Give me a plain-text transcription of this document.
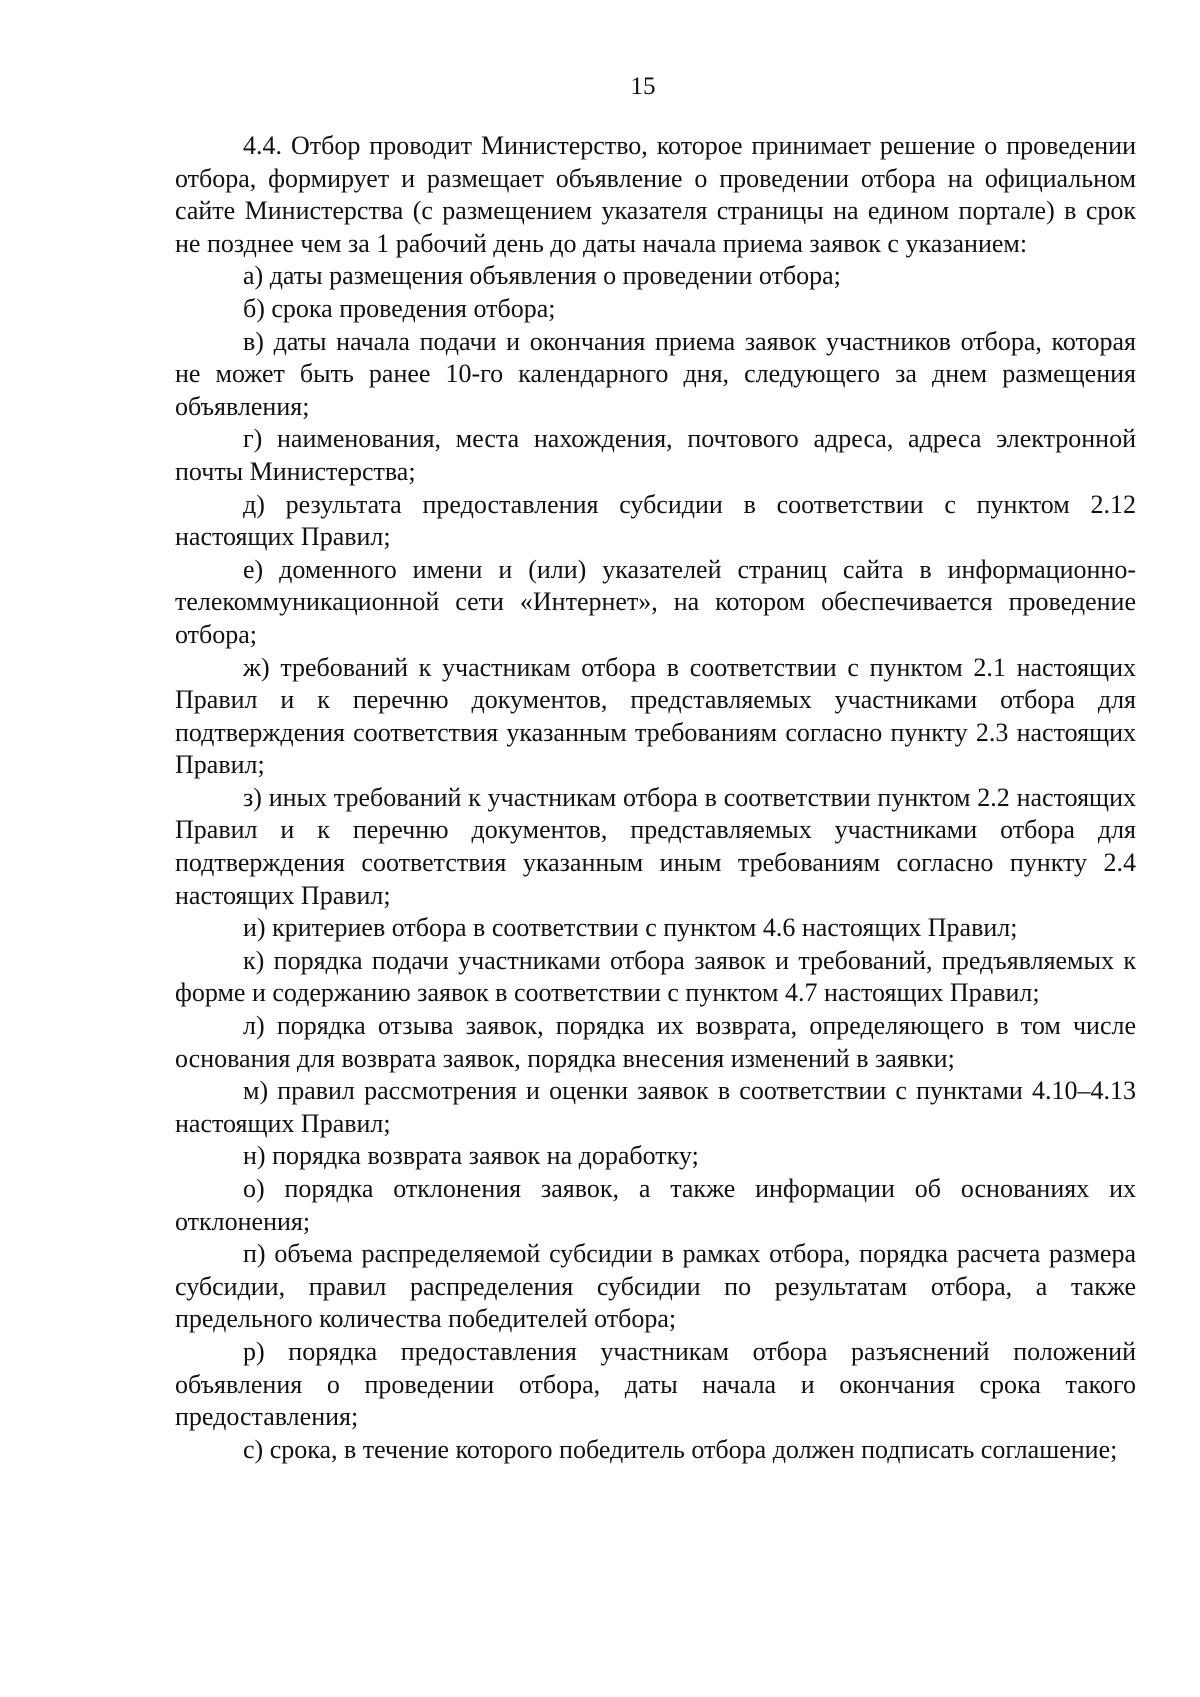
15

4.4. Отбор проводит Министерство, которое принимает решение о проведении отбора, формирует и размещает объявление о проведении отбора на официальном сайте Министерства (с размещением указателя страницы на едином портале) в срок не позднее чем за 1 рабочий день до даты начала приема заявок с указанием:

а) даты размещения объявления о проведении отбора;

б) срока проведения отбора;

в) даты начала подачи и окончания приема заявок участников отбора, которая не может быть ранее 10-го календарного дня, следующего за днем размещения объявления;

г) наименования, места нахождения, почтового адреса, адреса электронной почты Министерства;

д) результата предоставления субсидии в соответствии с пунктом 2.12 настоящих Правил;

е) доменного имени и (или) указателей страниц сайта в информационно-телекоммуникационной сети «Интернет», на котором обеспечивается проведение отбора;

ж) требований к участникам отбора в соответствии с пунктом 2.1 настоящих Правил и к перечню документов, представляемых участниками отбора для подтверждения соответствия указанным требованиям согласно пункту 2.3 настоящих Правил;

з) иных требований к участникам отбора в соответствии пунктом 2.2 настоящих Правил и к перечню документов, представляемых участниками отбора для подтверждения соответствия указанным иным требованиям согласно пункту 2.4 настоящих Правил;

и) критериев отбора в соответствии с пунктом 4.6 настоящих Правил;

к) порядка подачи участниками отбора заявок и требований, предъявляемых к форме и содержанию заявок в соответствии с пунктом 4.7 настоящих Правил;

л) порядка отзыва заявок, порядка их возврата, определяющего в том числе основания для возврата заявок, порядка внесения изменений в заявки;

м) правил рассмотрения и оценки заявок в соответствии с пунктами 4.10–4.13 настоящих Правил;

н) порядка возврата заявок на доработку;

о) порядка отклонения заявок, а также информации об основаниях их отклонения;

п) объема распределяемой субсидии в рамках отбора, порядка расчета размера субсидии, правил распределения субсидии по результатам отбора, а также предельного количества победителей отбора;

р) порядка предоставления участникам отбора разъяснений положений объявления о проведении отбора, даты начала и окончания срока такого предоставления;

с) срока, в течение которого победитель отбора должен подписать соглашение;
